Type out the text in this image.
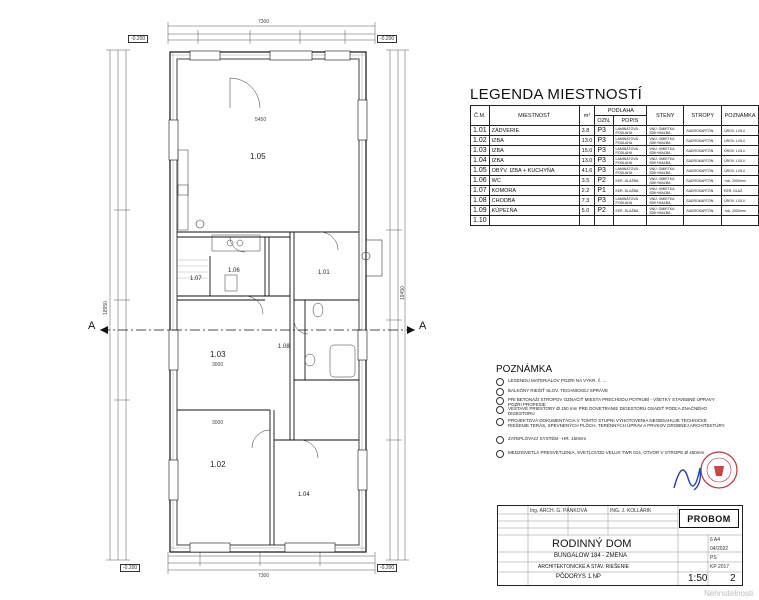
1.05
1.06
1.07
1.03
1.08
1.01
1.02
1.04
A	A
-0.200	-0.200
-0.200	-0.200
7300
7300
19450
18950
5450
3000
3000
LEGENDA MIESTNOSTÍ
Č.M.	MIESTNOSŤ	m²	PODLAHA		STENY	STROPY	POZNÁMKA
			OZN.	POPIS			
1.01	ZÁDVERIE	3.8	P3	LAMINÁTOVÁ PODLAHA	VNÚ. OMIETKA SDK+MAĽBA	SADROKARTÓN	ÚROV. L/014
1.02	IZBA	13.0	P3	LAMINÁTOVÁ PODLAHA	VNÚ. OMIETKA SDK+MAĽBA	SADROKARTÓN	ÚROV. L/014
1.03	IZBA	15.0	P3	LAMINÁTOVÁ PODLAHA	VNÚ. OMIETKA SDK+MAĽBA	SADROKARTÓN	ÚROV. L/014
1.04	IZBA	13.0	P3	LAMINÁTOVÁ PODLAHA	VNÚ. OMIETKA SDK+MAĽBA	SADROKARTÓN	ÚROV. L/014
1.05	OBÝV. IZBA + KUCHYŇA	41.6	P3	LAMINÁTOVÁ PODLAHA	VNÚ. OMIETKA SDK+MAĽBA	SADROKARTÓN	ÚROV. L/014
1.06	WC	3.5	P2	KER. DLAŽBA	VNÚ. OMIETKA SDK+MAĽBA	SADROKARTÓN	+ob. 2000mm
1.07	KOMORA	2.2	P1	KER. DLAŽBA	VNÚ. OMIETKA SDK+MAĽBA	SADROKARTÓN	KER. DLAŽ.
1.08	CHODBA	7.3	P3	LAMINÁTOVÁ PODLAHA	VNÚ. OMIETKA SDK+MAĽBA	SADROKARTÓN	ÚROV. L/014
1.09	KÚPEĽŇA	5.0	P2	KER. DLAŽBA	VNÚ. OMIETKA SDK+MAĽBA	SADROKARTÓN	+ob. 2000mm
1.10							
POZNÁMKA
LEGENDU MATERIÁLOV POZRI NA VÝKR. č. ...
BALKÓNY RIEŠIŤ SLOV. TECHNICKEJ SPRÁVE
PRI BETONÁŽI STROPOV OZNAČIŤ MIESTA PRECHODU POTRUBÍ - VŠETKY STAVEBNÉ ÚPRAVY POZRI PROFESIE
VEŠTAVÉ PRIESTORY Ø 150 mm PRE DOVETRANIE DIGESTORU OSADIŤ PODĽA ZNAČNÉHO DIGESTORU
PROJEKTOVÁ DOKUMENTÁCIA V TOMTO STUPNI VYHOTOVENIA NEOBSAHUJE TECHNICKÉ RIEŠENIE TERÁS, SPEVNENÝCH PLÔCH, TERÉNNYCH ÚPRAV A PRVKOV DROBNEJ ARCHITEKTÚRY.
ZATEPLOVACÍ SYSTÉM - HR. 150mm
MEDZISVETLÁ PRESVETLENIA, SVETLOVOD VELUX TWR 014, OTVOR V STROPE Ø 450mm
Ing. ARCH. G. PÁNKOVÁ	ING. J. KOLLÁRIK
RODINNÝ DOM
BUNGALOW 184 - ZMENA
ARCHITEKTONICKÉ A STAV. RIEŠENIE
PÔDORYS 1.NP
6 A4
04/2022
PS
KP 2017
1:50 2
PROBOM
Nehnutelnosti
